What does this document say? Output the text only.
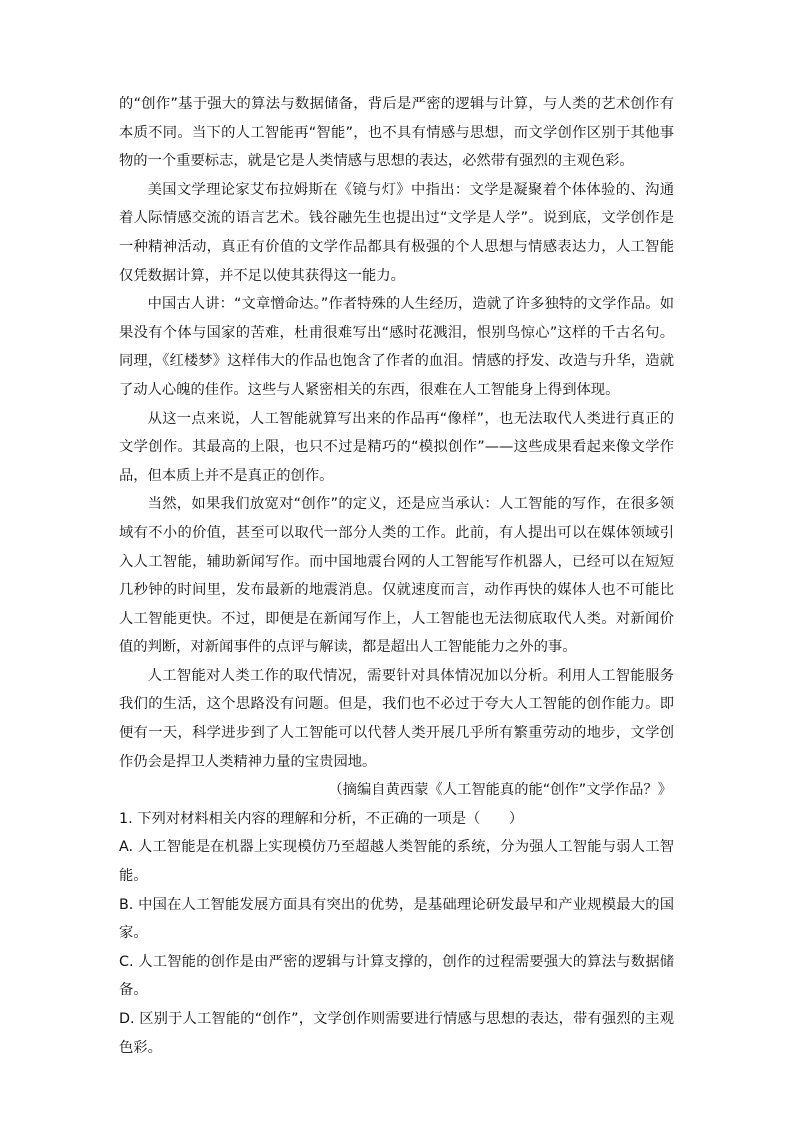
的“创作”基于强大的算法与数据储备，背后是严密的逻辑与计算，与人类的艺术创作有本质不同。当下的人工智能再“智能”，也不具有情感与思想，而文学创作区别于其他事物的一个重要标志，就是它是人类情感与思想的表达，必然带有强烈的主观色彩。

美国文学理论家艾布拉姆斯在《镜与灯》中指出：文学是凝聚着个体体验的、沟通着人际情感交流的语言艺术。钱谷融先生也提出过“文学是人学”。说到底，文学创作是一种精神活动，真正有价值的文学作品都具有极强的个人思想与情感表达力，人工智能仅凭数据计算，并不足以使其获得这一能力。

中国古人讲：“文章憎命达。”作者特殊的人生经历，造就了许多独特的文学作品。如果没有个体与国家的苦难，杜甫很难写出“感时花溅泪，恨别鸟惊心”这样的千古名句。同理，《红楼梦》这样伟大的作品也饱含了作者的血泪。情感的抒发、改造与升华，造就了动人心魄的佳作。这些与人紧密相关的东西，很难在人工智能身上得到体现。

从这一点来说，人工智能就算写出来的作品再“像样”，也无法取代人类进行真正的文学创作。其最高的上限，也只不过是精巧的“模拟创作”——这些成果看起来像文学作品，但本质上并不是真正的创作。

当然，如果我们放宽对“创作”的定义，还是应当承认：人工智能的写作，在很多领域有不小的价值，甚至可以取代一部分人类的工作。此前，有人提出可以在媒体领域引入人工智能，辅助新闻写作。而中国地震台网的人工智能写作机器人，已经可以在短短几秒钟的时间里，发布最新的地震消息。仅就速度而言，动作再快的媒体人也不可能比人工智能更快。不过，即便是在新闻写作上，人工智能也无法彻底取代人类。对新闻价值的判断，对新闻事件的点评与解读，都是超出人工智能能力之外的事。

人工智能对人类工作的取代情况，需要针对具体情况加以分析。利用人工智能服务我们的生活，这个思路没有问题。但是，我们也不必过于夸大人工智能的创作能力。即便有一天，科学进步到了人工智能可以代替人类开展几乎所有繁重劳动的地步，文学创作仍会是捍卫人类精神力量的宝贵园地。

（摘编自黄西蒙《人工智能真的能“创作”文学作品？》

1. 下列对材料相关内容的理解和分析，不正确的一项是（　　）

A. 人工智能是在机器上实现模仿乃至超越人类智能的系统，分为强人工智能与弱人工智能。

B. 中国在人工智能发展方面具有突出的优势，是基础理论研发最早和产业规模最大的国家。

C. 人工智能的创作是由严密的逻辑与计算支撑的，创作的过程需要强大的算法与数据储备。

D. 区别于人工智能的“创作”，文学创作则需要进行情感与思想的表达，带有强烈的主观色彩。
